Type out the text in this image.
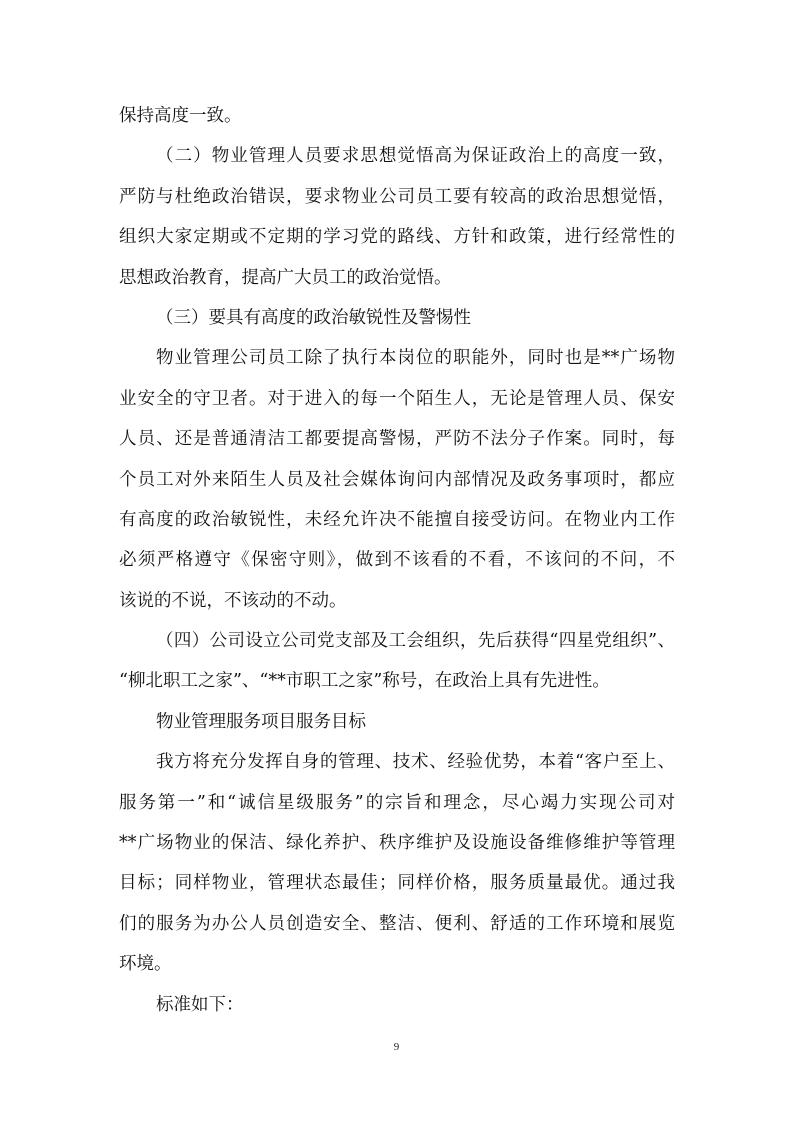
保持高度一致。
（二）物业管理人员要求思想觉悟高为保证政治上的高度一致，
严防与杜绝政治错误，要求物业公司员工要有较高的政治思想觉悟，
组织大家定期或不定期的学习党的路线、方针和政策，进行经常性的
思想政治教育，提高广大员工的政治觉悟。
（三）要具有高度的政治敏锐性及警惕性
物业管理公司员工除了执行本岗位的职能外，同时也是**广场物
业安全的守卫者。对于进入的每一个陌生人，无论是管理人员、保安
人员、还是普通清洁工都要提高警惕，严防不法分子作案。同时，每
个员工对外来陌生人员及社会媒体询问内部情况及政务事项时，都应
有高度的政治敏锐性，未经允许决不能擅自接受访问。在物业内工作
必须严格遵守《保密守则》，做到不该看的不看，不该问的不问，不
该说的不说，不该动的不动。
（四）公司设立公司党支部及工会组织，先后获得“四星党组织”、
“柳北职工之家”、“**市职工之家”称号，在政治上具有先进性。
物业管理服务项目服务目标
我方将充分发挥自身的管理、技术、经验优势，本着“客户至上、
服务第一”和“诚信星级服务”的宗旨和理念，尽心竭力实现公司对
**广场物业的保洁、绿化养护、秩序维护及设施设备维修维护等管理
目标；同样物业，管理状态最佳；同样价格，服务质量最优。通过我
们的服务为办公人员创造安全、整洁、便利、舒适的工作环境和展览
环境。
标准如下：
9
